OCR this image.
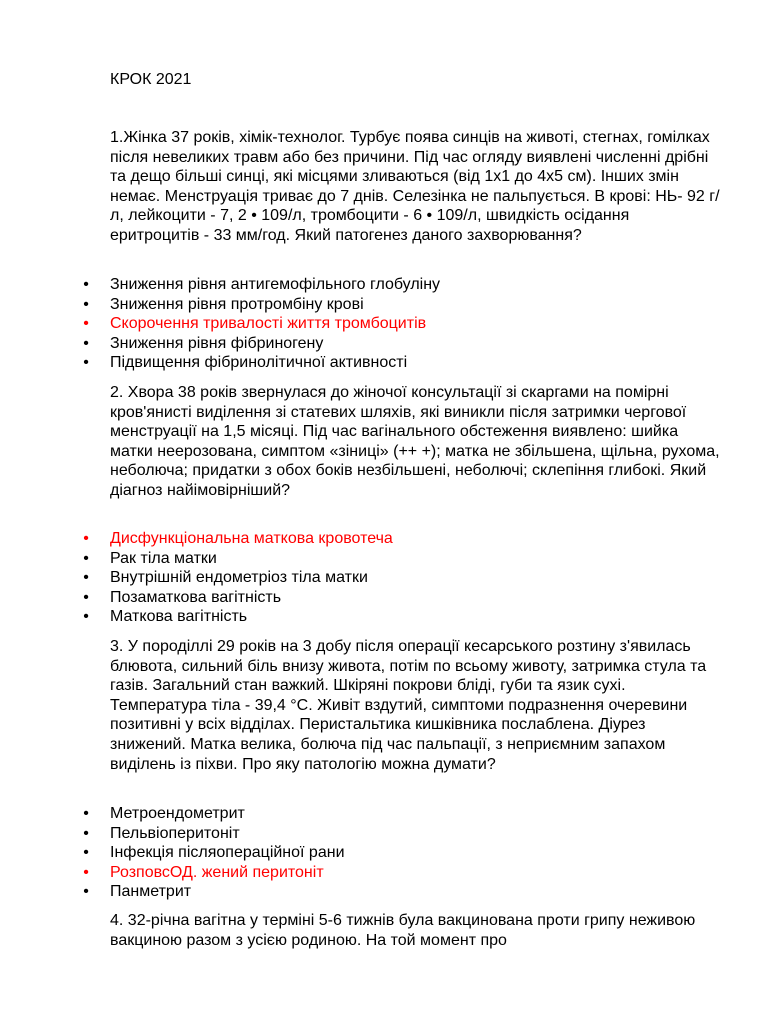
КРОК 2021

1.Жінка 37 років, хімік-технолог. Турбує поява синців на животі, стегнах, гомілках після невеликих травм або без причини. Під час огляду виявлені численні дрібні та дещо більші синці, які місцями зливаються (від 1х1 до 4х5 см). Інших змін немає. Менструація триває до 7 днів. Селезінка не пальпується. В крові: НЬ- 92 г/л, лейкоцити - 7, 2 • 109/л, тромбоцити - 6 • 109/л, швидкість осідання еритроцитів - 33 мм/год. Який патогенез даного захворювання?

• Зниження рівня антигемофільного глобуліну
• Зниження рівня протромбіну крові
• Скорочення тривалості життя тромбоцитів
• Зниження рівня фібриногену
• Підвищення фібринолітичної активності

2. Хвора 38 років звернулася до жіночої консультації зі скаргами на помірні кров'янисті виділення зі статевих шляхів, які виникли після затримки чергової менструації на 1,5 місяці. Під час вагінального обстеження виявлено: шийка матки неерозована, симптом «зіниці» (++ +); матка не збільшена, щільна, рухома, неболюча; придатки з обох боків незбільшені, неболючі; склепіння глибокі. Який діагноз найімовірніший?

• Дисфункціональна маткова кровотеча
• Рак тіла матки
• Внутрішній ендометріоз тіла матки
• Позаматкова вагітність
• Маткова вагітність

3. У породіллі 29 років на 3 добу після операції кесарського розтину з'явилась блювота, сильний біль внизу живота, потім по всьому животу, затримка стула та газів. Загальний стан важкий. Шкіряні покрови бліді, губи та язик сухі. Температура тіла - 39,4 °С. Живіт вздутий, симптоми подразнення очеревини позитивні у всіх відділах. Перистальтика кишківника послаблена. Діурез знижений. Матка велика, болюча під час пальпації, з неприємним запахом виділень із піхви. Про яку патологію можна думати?

• Метроендометрит
• Пельвіоперитоніт
• Інфекція післяопераційної рани
• РозповсОД. жений перитоніт
• Панметрит

4. 32-річна вагітна у терміні 5-6 тижнів була вакцинована проти грипу неживою вакциною разом з усією родиною. На той момент про
